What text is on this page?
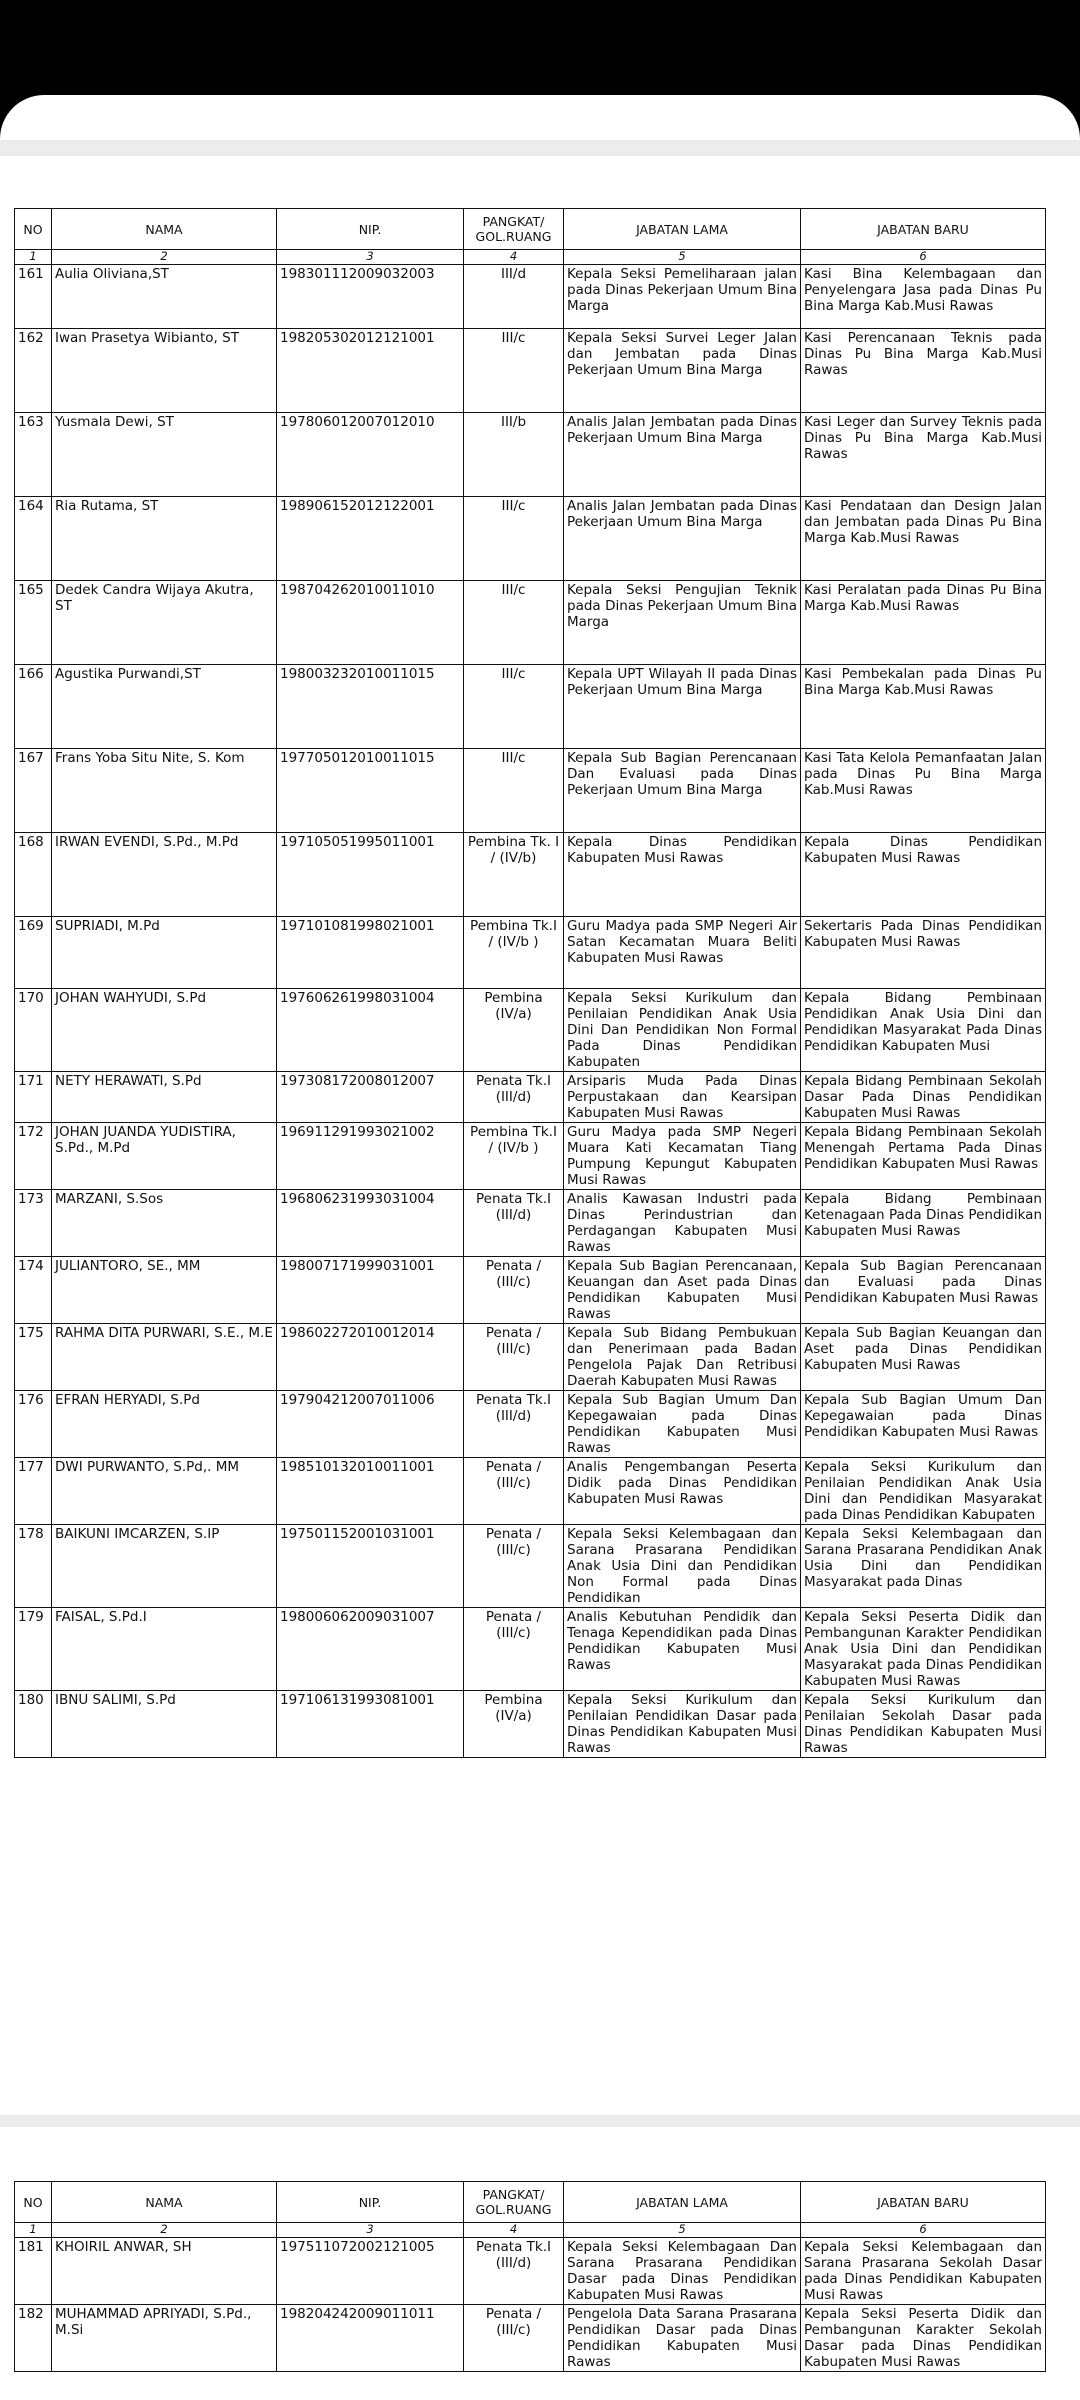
NO	NAMA	NIP.	PANGKAT/ GOL.RUANG	JABATAN LAMA	JABATAN BARU
1	2	3	4	5	6
161	Aulia Oliviana,ST	198301112009032003	III/d	Kepala Seksi Pemeliharaan jalan pada Dinas Pekerjaan Umum Bina Marga	Kasi Bina Kelembagaan dan Penyelengara Jasa pada Dinas Pu Bina Marga Kab.Musi Rawas
162	Iwan Prasetya Wibianto, ST	198205302012121001	III/c	Kepala Seksi Survei Leger Jalan dan Jembatan pada Dinas Pekerjaan Umum Bina Marga	Kasi Perencanaan Teknis pada Dinas Pu Bina Marga Kab.Musi Rawas
163	Yusmala Dewi, ST	197806012007012010	III/b	Analis Jalan Jembatan pada Dinas Pekerjaan Umum Bina Marga	Kasi Leger dan Survey Teknis pada Dinas Pu Bina Marga Kab.Musi Rawas
164	Ria Rutama, ST	198906152012122001	III/c	Analis Jalan Jembatan pada Dinas Pekerjaan Umum Bina Marga	Kasi Pendataan dan Design Jalan dan Jembatan pada Dinas Pu Bina Marga Kab.Musi Rawas
165	Dedek Candra Wijaya Akutra, ST	198704262010011010	III/c	Kepala Seksi Pengujian Teknik pada Dinas Pekerjaan Umum Bina Marga	Kasi Peralatan pada Dinas Pu Bina Marga Kab.Musi Rawas
166	Agustika Purwandi,ST	198003232010011015	III/c	Kepala UPT Wilayah II pada Dinas Pekerjaan Umum Bina Marga	Kasi Pembekalan pada Dinas Pu Bina Marga Kab.Musi Rawas
167	Frans Yoba Situ Nite, S. Kom	197705012010011015	III/c	Kepala Sub Bagian Perencanaan Dan Evaluasi pada Dinas Pekerjaan Umum Bina Marga	Kasi Tata Kelola Pemanfaatan Jalan pada Dinas Pu Bina Marga Kab.Musi Rawas
168	IRWAN EVENDI, S.Pd., M.Pd	197105051995011001	Pembina Tk. I / (IV/b)	Kepala Dinas Pendidikan Kabupaten Musi Rawas	Kepala Dinas Pendidikan Kabupaten Musi Rawas
169	SUPRIADI, M.Pd	197101081998021001	Pembina Tk.I / (IV/b )	Guru Madya pada SMP Negeri Air Satan Kecamatan Muara Beliti Kabupaten Musi Rawas	Sekertaris Pada Dinas Pendidikan Kabupaten Musi Rawas
170	JOHAN WAHYUDI, S.Pd	197606261998031004	Pembina (IV/a)	Kepala Seksi Kurikulum dan Penilaian Pendidikan Anak Usia Dini Dan Pendidikan Non Formal Pada Dinas Pendidikan Kabupaten	Kepala Bidang Pembinaan Pendidikan Anak Usia Dini dan Pendidikan Masyarakat Pada Dinas Pendidikan Kabupaten Musi
171	NETY HERAWATI, S.Pd	197308172008012007	Penata Tk.I (III/d)	Arsiparis Muda Pada Dinas Perpustakaan dan Kearsipan Kabupaten Musi Rawas	Kepala Bidang Pembinaan Sekolah Dasar Pada Dinas Pendidikan Kabupaten Musi Rawas
172	JOHAN JUANDA YUDISTIRA, S.Pd., M.Pd	196911291993021002	Pembina Tk.I / (IV/b )	Guru Madya pada SMP Negeri Muara Kati Kecamatan Tiang Pumpung Kepungut Kabupaten Musi Rawas	Kepala Bidang Pembinaan Sekolah Menengah Pertama Pada Dinas Pendidikan Kabupaten Musi Rawas
173	MARZANI, S.Sos	196806231993031004	Penata Tk.I (III/d)	Analis Kawasan Industri pada Dinas Perindustrian dan Perdagangan Kabupaten Musi Rawas	Kepala Bidang Pembinaan Ketenagaan Pada Dinas Pendidikan Kabupaten Musi Rawas
174	JULIANTORO, SE., MM	198007171999031001	Penata / (III/c)	Kepala Sub Bagian Perencanaan, Keuangan dan Aset pada Dinas Pendidikan Kabupaten Musi Rawas	Kepala Sub Bagian Perencanaan dan Evaluasi pada Dinas Pendidikan Kabupaten Musi Rawas
175	RAHMA DITA PURWARI, S.E., M.E	198602272010012014	Penata / (III/c)	Kepala Sub Bidang Pembukuan dan Penerimaan pada Badan Pengelola Pajak Dan Retribusi Daerah Kabupaten Musi Rawas	Kepala Sub Bagian Keuangan dan Aset pada Dinas Pendidikan Kabupaten Musi Rawas
176	EFRAN HERYADI, S.Pd	197904212007011006	Penata Tk.I (III/d)	Kepala Sub Bagian Umum Dan Kepegawaian pada Dinas Pendidikan Kabupaten Musi Rawas	Kepala Sub Bagian Umum Dan Kepegawaian pada Dinas Pendidikan Kabupaten Musi Rawas
177	DWI PURWANTO, S.Pd,. MM	198510132010011001	Penata / (III/c)	Analis Pengembangan Peserta Didik pada Dinas Pendidikan Kabupaten Musi Rawas	Kepala Seksi Kurikulum dan Penilaian Pendidikan Anak Usia Dini dan Pendidikan Masyarakat pada Dinas Pendidikan Kabupaten
178	BAIKUNI IMCARZEN, S.IP	197501152001031001	Penata / (III/c)	Kepala Seksi Kelembagaan dan Sarana Prasarana Pendidikan Anak Usia Dini dan Pendidikan Non Formal pada Dinas Pendidikan	Kepala Seksi Kelembagaan dan Sarana Prasarana Pendidikan Anak Usia Dini dan Pendidikan Masyarakat pada Dinas
179	FAISAL, S.Pd.I	198006062009031007	Penata / (III/c)	Analis Kebutuhan Pendidik dan Tenaga Kependidikan pada Dinas Pendidikan Kabupaten Musi Rawas	Kepala Seksi Peserta Didik dan Pembangunan Karakter Pendidikan Anak Usia Dini dan Pendidikan Masyarakat pada Dinas Pendidikan Kabupaten Musi Rawas
180	IBNU SALIMI, S.Pd	197106131993081001	Pembina (IV/a)	Kepala Seksi Kurikulum dan Penilaian Pendidikan Dasar pada Dinas Pendidikan Kabupaten Musi Rawas	Kepala Seksi Kurikulum dan Penilaian Sekolah Dasar pada Dinas Pendidikan Kabupaten Musi Rawas
NO	NAMA	NIP.	PANGKAT/ GOL.RUANG	JABATAN LAMA	JABATAN BARU
1	2	3	4	5	6
181	KHOIRIL ANWAR, SH	197511072002121005	Penata Tk.I (III/d)	Kepala Seksi Kelembagaan Dan Sarana Prasarana Pendidikan Dasar pada Dinas Pendidikan Kabupaten Musi Rawas	Kepala Seksi Kelembagaan dan Sarana Prasarana Sekolah Dasar pada Dinas Pendidikan Kabupaten Musi Rawas
182	MUHAMMAD APRIYADI, S.Pd., M.Si	198204242009011011	Penata / (III/c)	Pengelola Data Sarana Prasarana Pendidikan Dasar pada Dinas Pendidikan Kabupaten Musi Rawas	Kepala Seksi Peserta Didik dan Pembangunan Karakter Sekolah Dasar pada Dinas Pendidikan Kabupaten Musi Rawas
